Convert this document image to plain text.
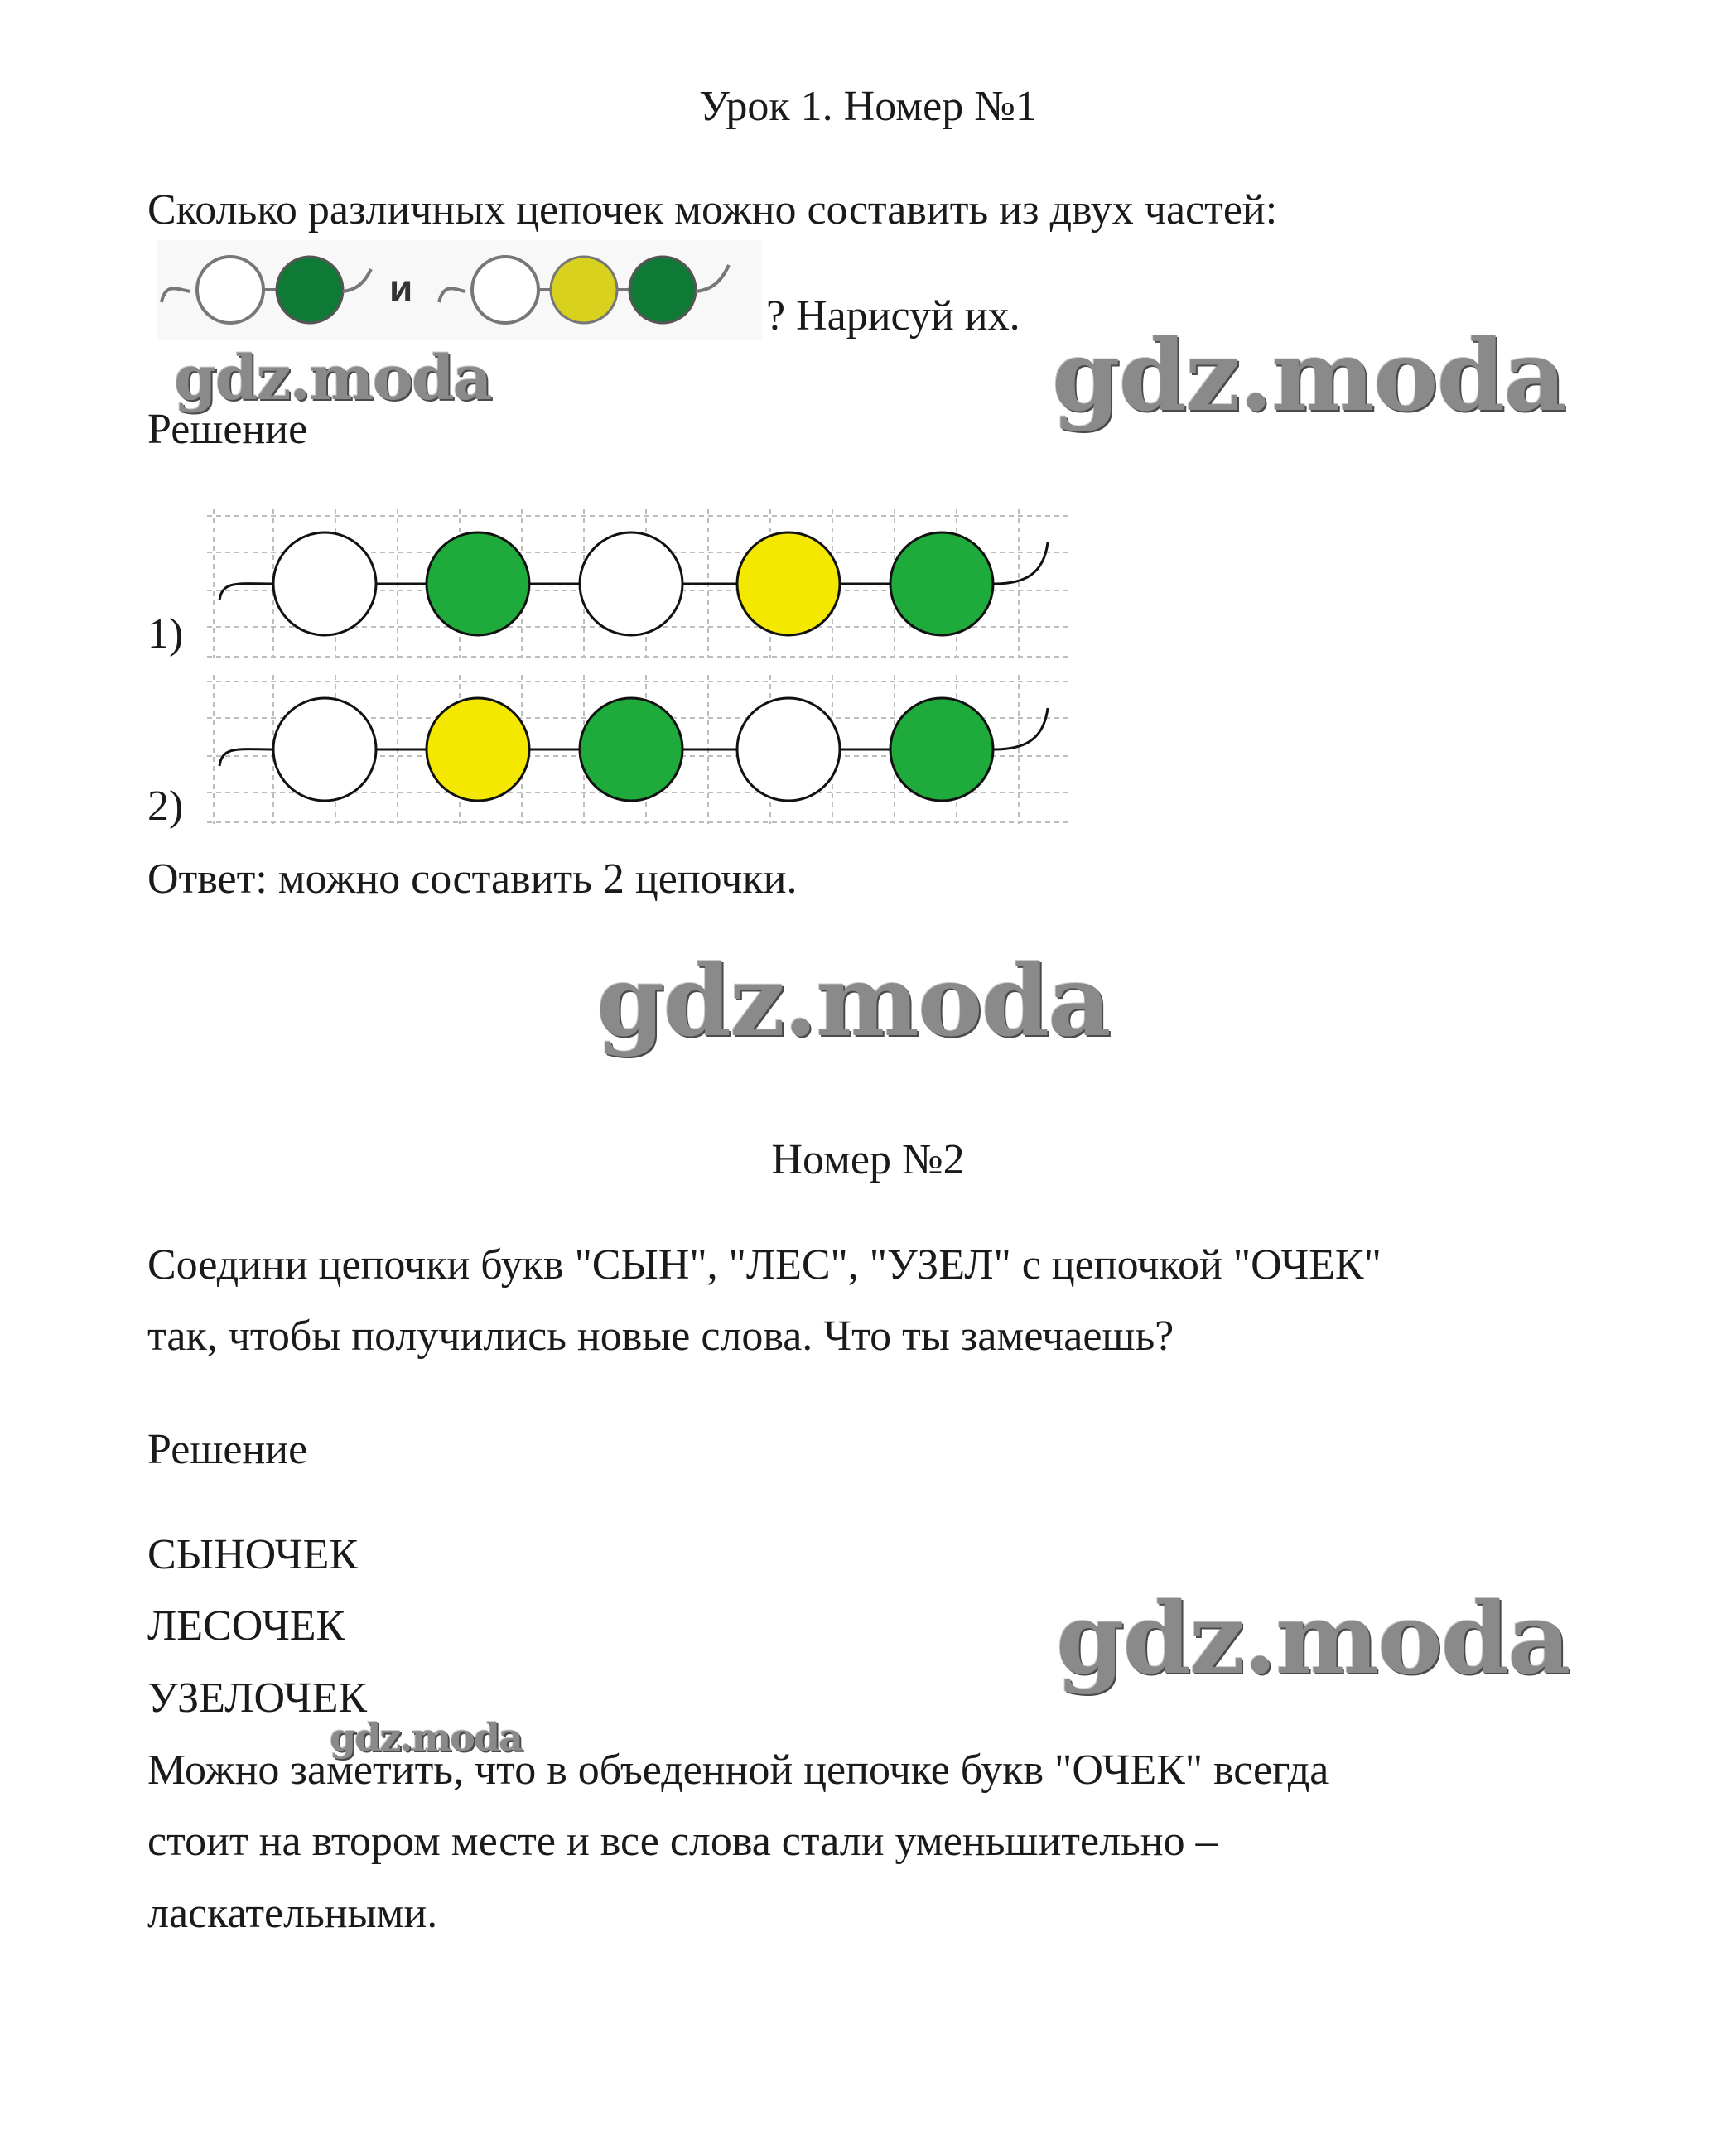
Урок 1. Номер №1
Сколько различных цепочек можно составить из двух частей:
и
? Нарисуй их.
gdz.moda	gdz.moda
Решение
1)
2)
Ответ: можно составить 2 цепочки.
gdz.moda
Номер №2
Соедини цепочки букв "СЫН", "ЛЕС", "УЗЕЛ" с цепочкой "ОЧЕК"
так, чтобы получились новые слова. Что ты замечаешь?
Решение
СЫНОЧЕК
ЛЕСОЧЕК
УЗЕЛОЧЕК
gdz.moda
gdz.moda
Можно заметить, что в объеденной цепочке букв "ОЧЕК" всегда
стоит на втором месте и все слова стали уменьшительно –
ласкательными.
